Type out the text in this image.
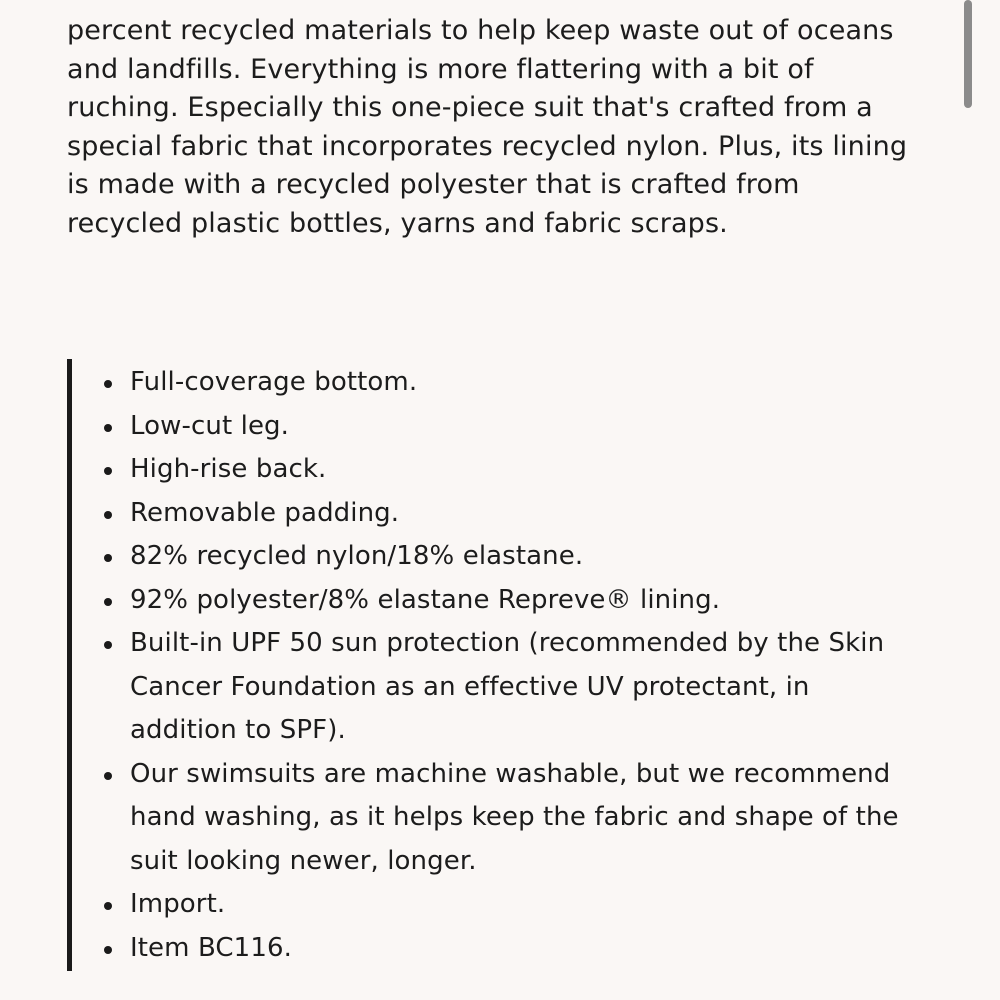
percent recycled materials to help keep waste out of oceans and landfills. Everything is more flattering with a bit of ruching. Especially this one-piece suit that's crafted from a special fabric that incorporates recycled nylon. Plus, its lining is made with a recycled polyester that is crafted from recycled plastic bottles, yarns and fabric scraps.

Full-coverage bottom.
Low-cut leg.
High-rise back.
Removable padding.
82% recycled nylon/18% elastane.
92% polyester/8% elastane Repreve® lining.
Built-in UPF 50 sun protection (recommended by the Skin Cancer Foundation as an effective UV protectant, in addition to SPF).
Our swimsuits are machine washable, but we recommend hand washing, as it helps keep the fabric and shape of the suit looking newer, longer.
Import.
Item BC116.
